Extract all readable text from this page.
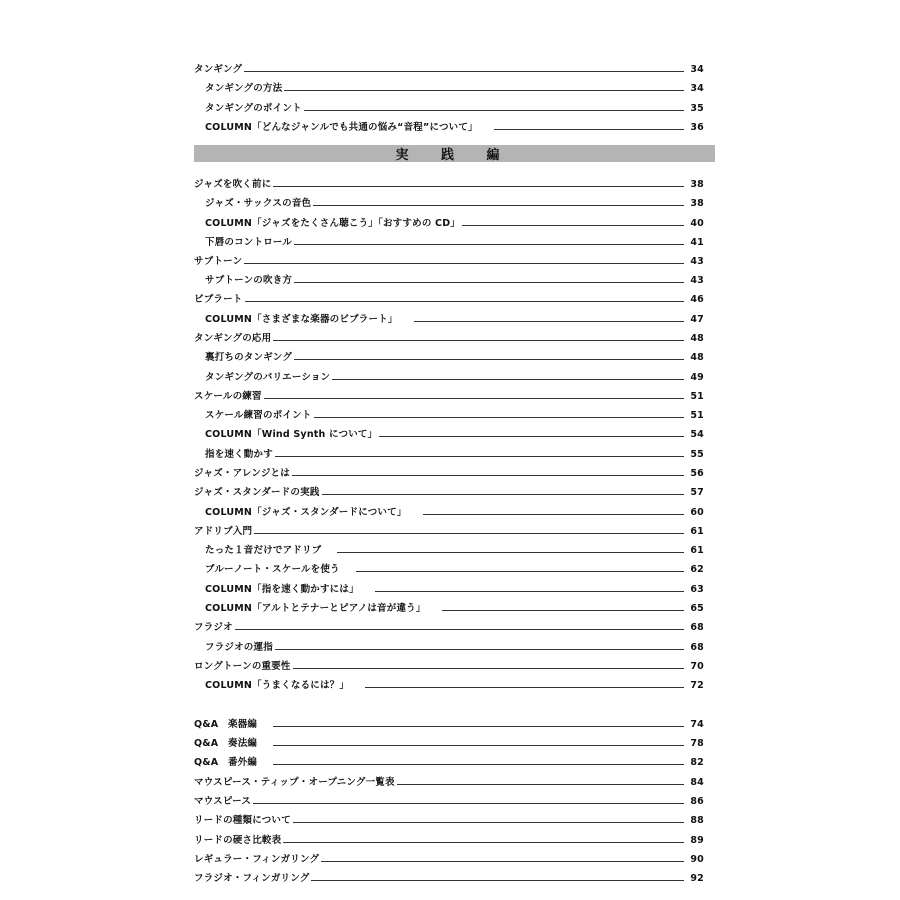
タンギング	34
タンギングの方法	34
タンギングのポイント	35
COLUMN「どんなジャンルでも共通の悩み“音程”について」	36
ジャズを吹く前に	38
ジャズ・サックスの音色	38
COLUMN「ジャズをたくさん聴こう」「おすすめの CD」	40
下唇のコントロール	41
サブトーン	43
サブトーンの吹き方	43
ビブラート	46
COLUMN「さまざまな楽器のビブラート」	47
タンギングの応用	48
裏打ちのタンギング	48
タンギングのバリエーション	49
スケールの練習	51
スケール練習のポイント	51
COLUMN「Wind Synth について」	54
指を速く動かす	55
ジャズ・アレンジとは	56
ジャズ・スタンダードの実践	57
COLUMN「ジャズ・スタンダードについて」	60
アドリブ入門	61
たった１音だけでアドリブ	61
ブルーノート・スケールを使う	62
COLUMN「指を速く動かすには」	63
COLUMN「アルトとテナーとピアノは音が違う」	65
フラジオ	68
フラジオの運指	68
ロングトーンの重要性	70
COLUMN「うまくなるには？」	72
Q&A　楽器編	74
Q&A　奏法編	78
Q&A　番外編	82
マウスピース・ティップ・オープニング一覧表	84
マウスピース	86
リードの種類について	88
リードの硬さ比較表	89
レギュラー・フィンガリング	90
フラジオ・フィンガリング	92
実 践 編
